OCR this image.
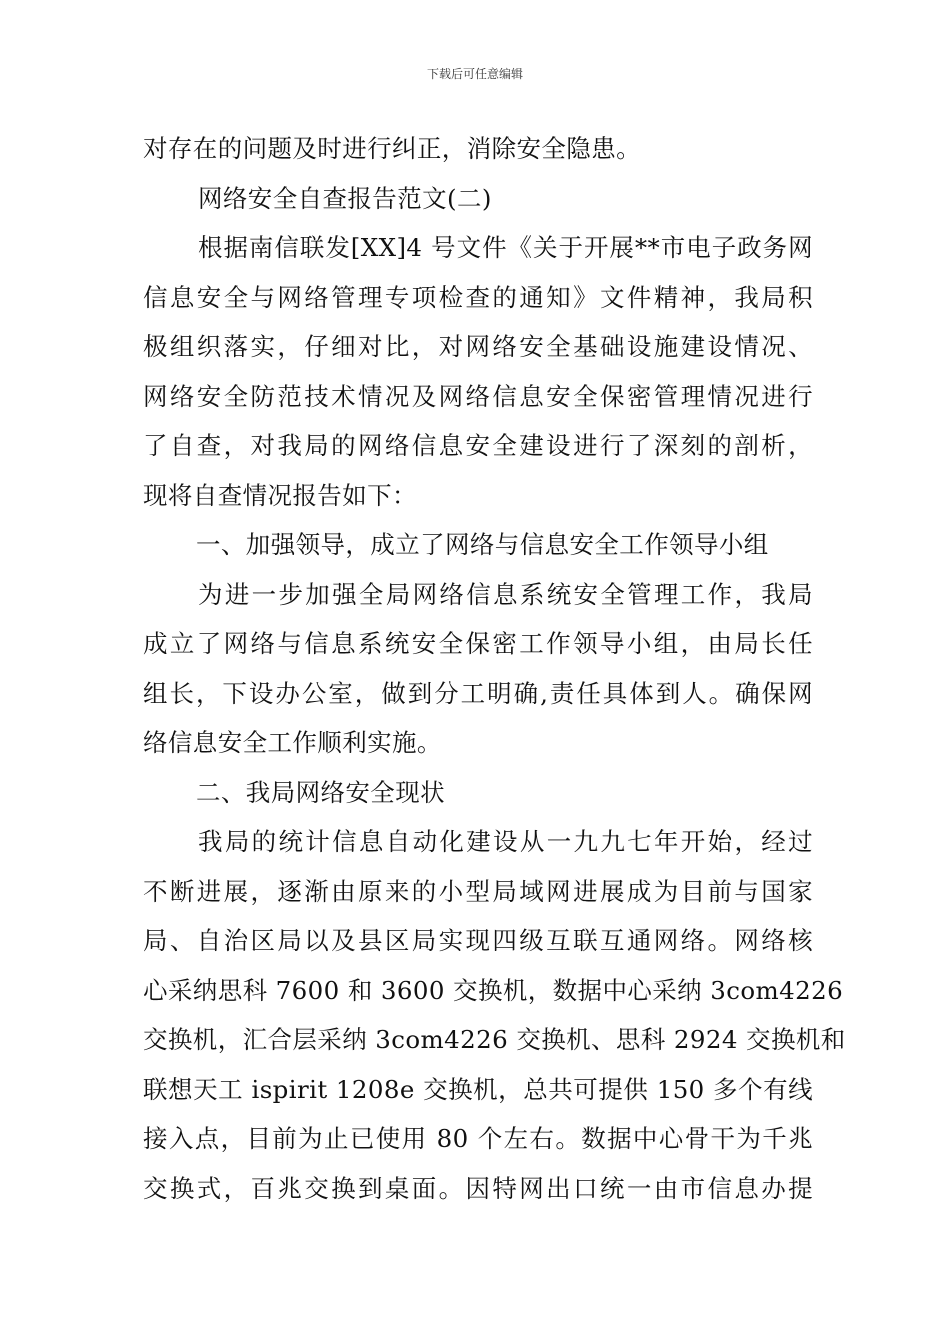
下载后可任意编辑
对存在的问题及时进行纠正，消除安全隐患。
网络安全自查报告范文(二)
根据南信联发[XX]4 号文件《关于开展**市电子政务网
信息安全与网络管理专项检查的通知》文件精神，我局积
极组织落实，仔细对比，对网络安全基础设施建设情况、
网络安全防范技术情况及网络信息安全保密管理情况进行
了自查，对我局的网络信息安全建设进行了深刻的剖析，
现将自查情况报告如下：
一、加强领导，成立了网络与信息安全工作领导小组
为进一步加强全局网络信息系统安全管理工作，我局
成立了网络与信息系统安全保密工作领导小组，由局长任
组长，下设办公室，做到分工明确,责任具体到人。确保网
络信息安全工作顺利实施。
二、我局网络安全现状
我局的统计信息自动化建设从一九九七年开始，经过
不断进展，逐渐由原来的小型局域网进展成为目前与国家
局、自治区局以及县区局实现四级互联互通网络。网络核
心采纳思科 7600 和 3600 交换机，数据中心采纳 3com4226
交换机，汇合层采纳 3com4226 交换机、思科 2924 交换机和
联想天工 ispirit 1208e 交换机，总共可提供 150 多个有线
接入点，目前为止已使用 80 个左右。数据中心骨干为千兆
交换式，百兆交换到桌面。因特网出口统一由市信息办提
